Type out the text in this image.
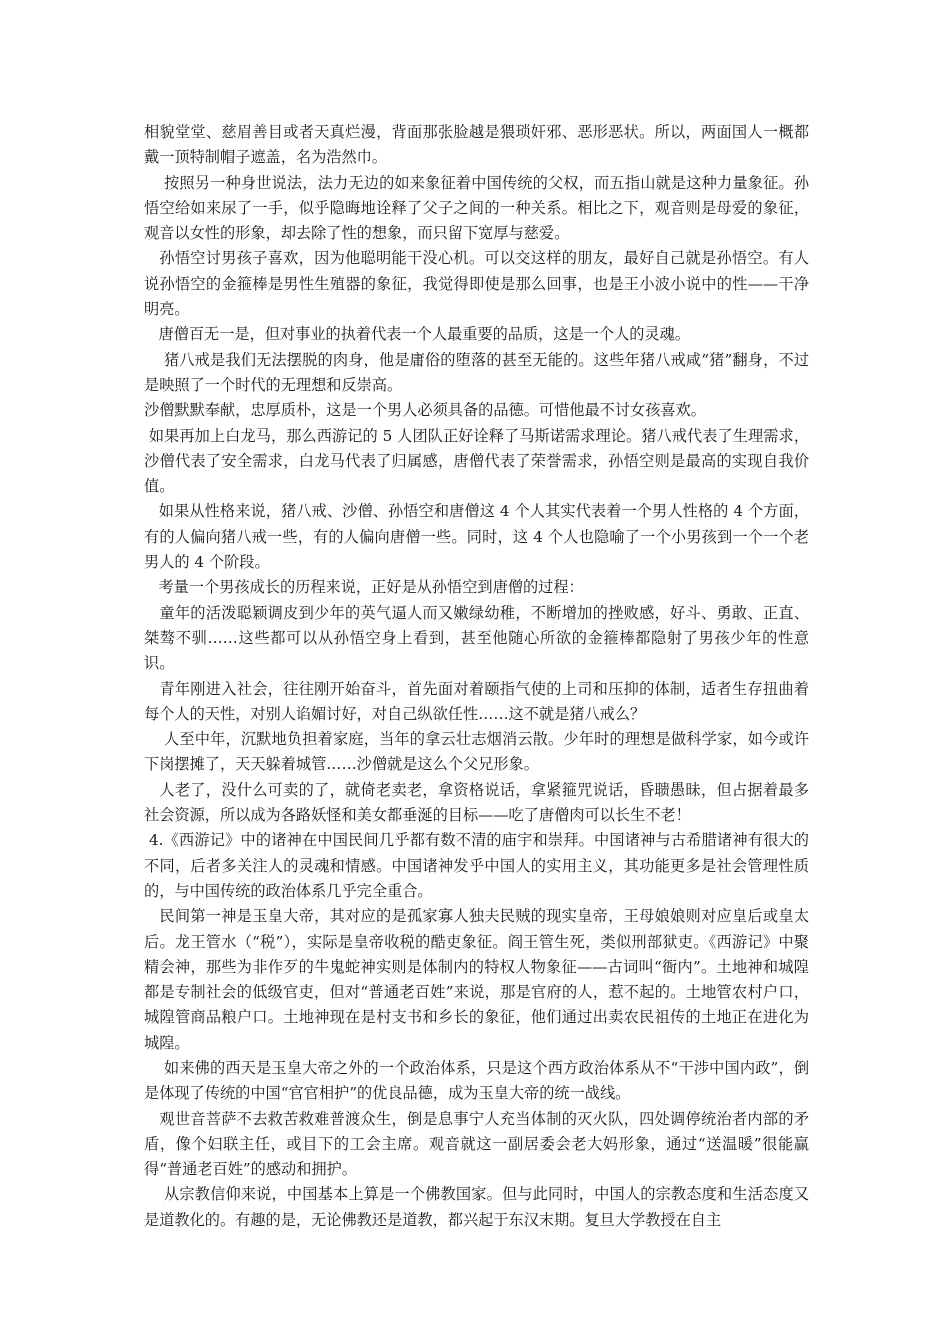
相貌堂堂、慈眉善目或者天真烂漫，背面那张脸越是猥琐奸邪、恶形恶状。所以，两面国人一概都戴一顶特制帽子遮盖，名为浩然巾。

按照另一种身世说法，法力无边的如来象征着中国传统的父权，而五指山就是这种力量象征。孙悟空给如来尿了一手，似乎隐晦地诠释了父子之间的一种关系。相比之下，观音则是母爱的象征，观音以女性的形象，却去除了性的想象，而只留下宽厚与慈爱。

孙悟空讨男孩子喜欢，因为他聪明能干没心机。可以交这样的朋友，最好自己就是孙悟空。有人说孙悟空的金箍棒是男性生殖器的象征，我觉得即使是那么回事，也是王小波小说中的性——干净明亮。

唐僧百无一是，但对事业的执着代表一个人最重要的品质，这是一个人的灵魂。

猪八戒是我们无法摆脱的肉身，他是庸俗的堕落的甚至无能的。这些年猪八戒咸“猪”翻身，不过是映照了一个时代的无理想和反崇高。

沙僧默默奉献，忠厚质朴，这是一个男人必须具备的品德。可惜他最不讨女孩喜欢。

如果再加上白龙马，那么西游记的 5 人团队正好诠释了马斯诺需求理论。猪八戒代表了生理需求，沙僧代表了安全需求，白龙马代表了归属感，唐僧代表了荣誉需求，孙悟空则是最高的实现自我价值。

如果从性格来说，猪八戒、沙僧、孙悟空和唐僧这 4 个人其实代表着一个男人性格的 4 个方面，有的人偏向猪八戒一些，有的人偏向唐僧一些。同时，这 4 个人也隐喻了一个小男孩到一个一个老男人的 4 个阶段。

考量一个男孩成长的历程来说，正好是从孙悟空到唐僧的过程：

童年的活泼聪颖调皮到少年的英气逼人而又嫩绿幼稚，不断增加的挫败感，好斗、勇敢、正直、桀骜不驯……这些都可以从孙悟空身上看到，甚至他随心所欲的金箍棒都隐射了男孩少年的性意识。

青年刚进入社会，往往刚开始奋斗，首先面对着颐指气使的上司和压抑的体制，适者生存扭曲着每个人的天性，对别人谄媚讨好，对自己纵欲任性……这不就是猪八戒么？

人至中年，沉默地负担着家庭，当年的拿云壮志烟消云散。少年时的理想是做科学家，如今或许下岗摆摊了，天天躲着城管……沙僧就是这么个父兄形象。

人老了，没什么可卖的了，就倚老卖老，拿资格说话，拿紧箍咒说话，昏聩愚昧，但占据着最多社会资源，所以成为各路妖怪和美女都垂涎的目标——吃了唐僧肉可以长生不老！

4.《西游记》中的诸神在中国民间几乎都有数不清的庙宇和崇拜。中国诸神与古希腊诸神有很大的不同，后者多关注人的灵魂和情感。中国诸神发乎中国人的实用主义，其功能更多是社会管理性质的，与中国传统的政治体系几乎完全重合。

民间第一神是玉皇大帝，其对应的是孤家寡人独夫民贼的现实皇帝，王母娘娘则对应皇后或皇太后。龙王管水（“税”），实际是皇帝收税的酷吏象征。阎王管生死，类似刑部狱吏。《西游记》中聚精会神，那些为非作歹的牛鬼蛇神实则是体制内的特权人物象征——古词叫“衙内”。土地神和城隍都是专制社会的低级官吏，但对“普通老百姓”来说，那是官府的人，惹不起的。土地管农村户口，城隍管商品粮户口。土地神现在是村支书和乡长的象征，他们通过出卖农民祖传的土地正在进化为城隍。

如来佛的西天是玉皇大帝之外的一个政治体系，只是这个西方政治体系从不“干涉中国内政”，倒是体现了传统的中国“官官相护”的优良品德，成为玉皇大帝的统一战线。

观世音菩萨不去救苦救难普渡众生，倒是息事宁人充当体制的灭火队，四处调停统治者内部的矛盾，像个妇联主任，或目下的工会主席。观音就这一副居委会老大妈形象，通过“送温暖”很能赢得“普通老百姓”的感动和拥护。

从宗教信仰来说，中国基本上算是一个佛教国家。但与此同时，中国人的宗教态度和生活态度又是道教化的。有趣的是，无论佛教还是道教，都兴起于东汉末期。复旦大学教授在自主
